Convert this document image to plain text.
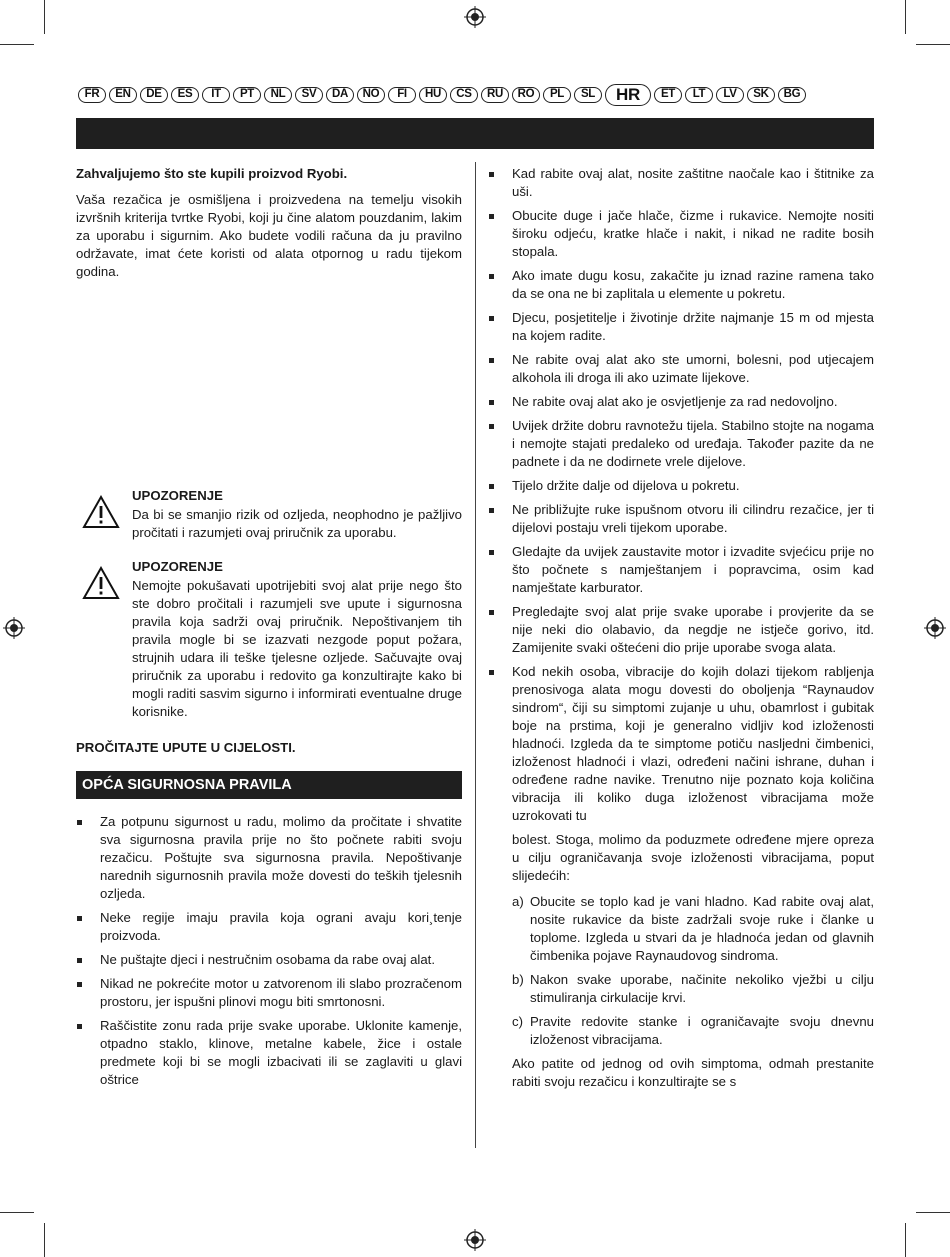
FR	EN	DE	ES	IT	PT	NL	SV	DA	NO	FI	HU	CS	RU	RO	PL	SL	HR	ET	LT	LV	SK	BG

Zahvaljujemo što ste kupili proizvod Ryobi.

Vaša rezačica je osmišljena i proizvedena na temelju visokih izvršnih kriterija tvrtke Ryobi, koji ju čine alatom pouzdanim, lakim za uporabu i sigurnim. Ako budete vodili računa da ju pravilno održavate, imat ćete koristi od alata otpornog u radu tijekom godina.

UPOZORENJE

Da bi se smanjio rizik od ozljeda, neophodno je pažljivo pročitati i razumjeti ovaj priručnik za uporabu.

UPOZORENJE

Nemojte pokušavati upotrijebiti svoj alat prije nego što ste dobro pročitali i razumjeli sve upute i sigurnosna pravila koja sadrži ovaj priručnik. Nepoštivanjem tih pravila mogle bi se izazvati nezgode poput požara, strujnih udara ili teške tjelesne ozljede. Sačuvajte ovaj priručnik za uporabu i redovito ga konzultirajte kako bi mogli raditi sasvim sigurno i informirati eventualne druge korisnike.

PROČITAJTE UPUTE U CIJELOSTI.

OPĆA SIGURNOSNA PRAVILA
Za potpunu sigurnost u radu, molimo da pročitate i shvatite sva sigurnosna pravila prije no što počnete rabiti svoju rezačicu. Poštujte sva sigurnosna pravila. Nepoštivanje narednih sigurnosnih pravila može dovesti do teških tjelesnih ozljeda.
Neke regije imaju pravila koja ograni avaju kori¸tenje proizvoda.
Ne puštajte djeci i nestručnim osobama da rabe ovaj alat.
Nikad ne pokrećite motor u zatvorenom ili slabo prozračenom prostoru, jer ispušni plinovi mogu biti smrtonosni.
Raščistite zonu rada prije svake uporabe. Uklonite kamenje, otpadno staklo, klinove, metalne kabele, žice i ostale predmete koji bi se mogli izbacivati ili se zaglaviti u glavi oštrice
Kad rabite ovaj alat, nosite zaštitne naočale kao i štitnike za uši.
Obucite duge i jače hlače, čizme i rukavice. Nemojte nositi široku odjeću, kratke hlače i nakit, i nikad ne radite bosih stopala.
Ako imate dugu kosu, zakačite ju iznad razine ramena tako da se ona ne bi zaplitala u elemente u pokretu.
Djecu, posjetitelje i životinje držite najmanje 15 m od mjesta na kojem radite.
Ne rabite ovaj alat ako ste umorni, bolesni, pod utjecajem alkohola ili droga ili ako uzimate lijekove.
Ne rabite ovaj alat ako je osvjetljenje za rad nedovoljno.
Uvijek držite dobru ravnotežu tijela. Stabilno stojte na nogama i nemojte stajati predaleko od uređaja. Također pazite da ne padnete i da ne dodirnete vrele dijelove.
Tijelo držite dalje od dijelova u pokretu.
Ne približujte ruke ispušnom otvoru ili cilindru rezačice, jer ti dijelovi postaju vreli tijekom uporabe.
Gledajte da uvijek zaustavite motor i izvadite svjećicu prije no što počnete s namještanjem i popravcima, osim kad namještate karburator.
Pregledajte svoj alat prije svake uporabe i provjerite da se nije neki dio olabavio, da negdje ne istječe gorivo, itd. Zamijenite svaki oštećeni dio prije uporabe svoga alata.
Kod nekih osoba, vibracije do kojih dolazi tijekom rabljenja prenosivoga alata mogu dovesti do oboljenja “Raynaudov sindrom“, čiji su simptomi zujanje u uhu, obamrlost i gubitak boje na prstima, koji je generalno vidljiv kod izloženosti hladnoći. Izgleda da te simptome potiču nasljedni čimbenici, izloženost hladnoći i vlazi, određeni načini ishrane, duhan i određene radne navike. Trenutno nije poznato koja količina vibracija ili koliko duga izloženost vibracijama može uzrokovati tu

bolest. Stoga, molimo da poduzmete određene mjere opreza u cilju ograničavanja svoje izloženosti vibracijama, poput slijedećih:

a) Obucite se toplo kad je vani hladno. Kad rabite ovaj alat, nosite rukavice da biste zadržali svoje ruke i članke u toplome. Izgleda u stvari da je hladnoća jedan od glavnih čimbenika pojave Raynaudovog sindroma.
b) Nakon svake uporabe, načinite nekoliko vježbi u cilju stimuliranja cirkulacije krvi.
c) Pravite redovite stanke i ograničavajte svoju dnevnu izloženost vibracijama.

Ako patite od jednog od ovih simptoma, odmah prestanite rabiti svoju rezačicu i konzultirajte se s
